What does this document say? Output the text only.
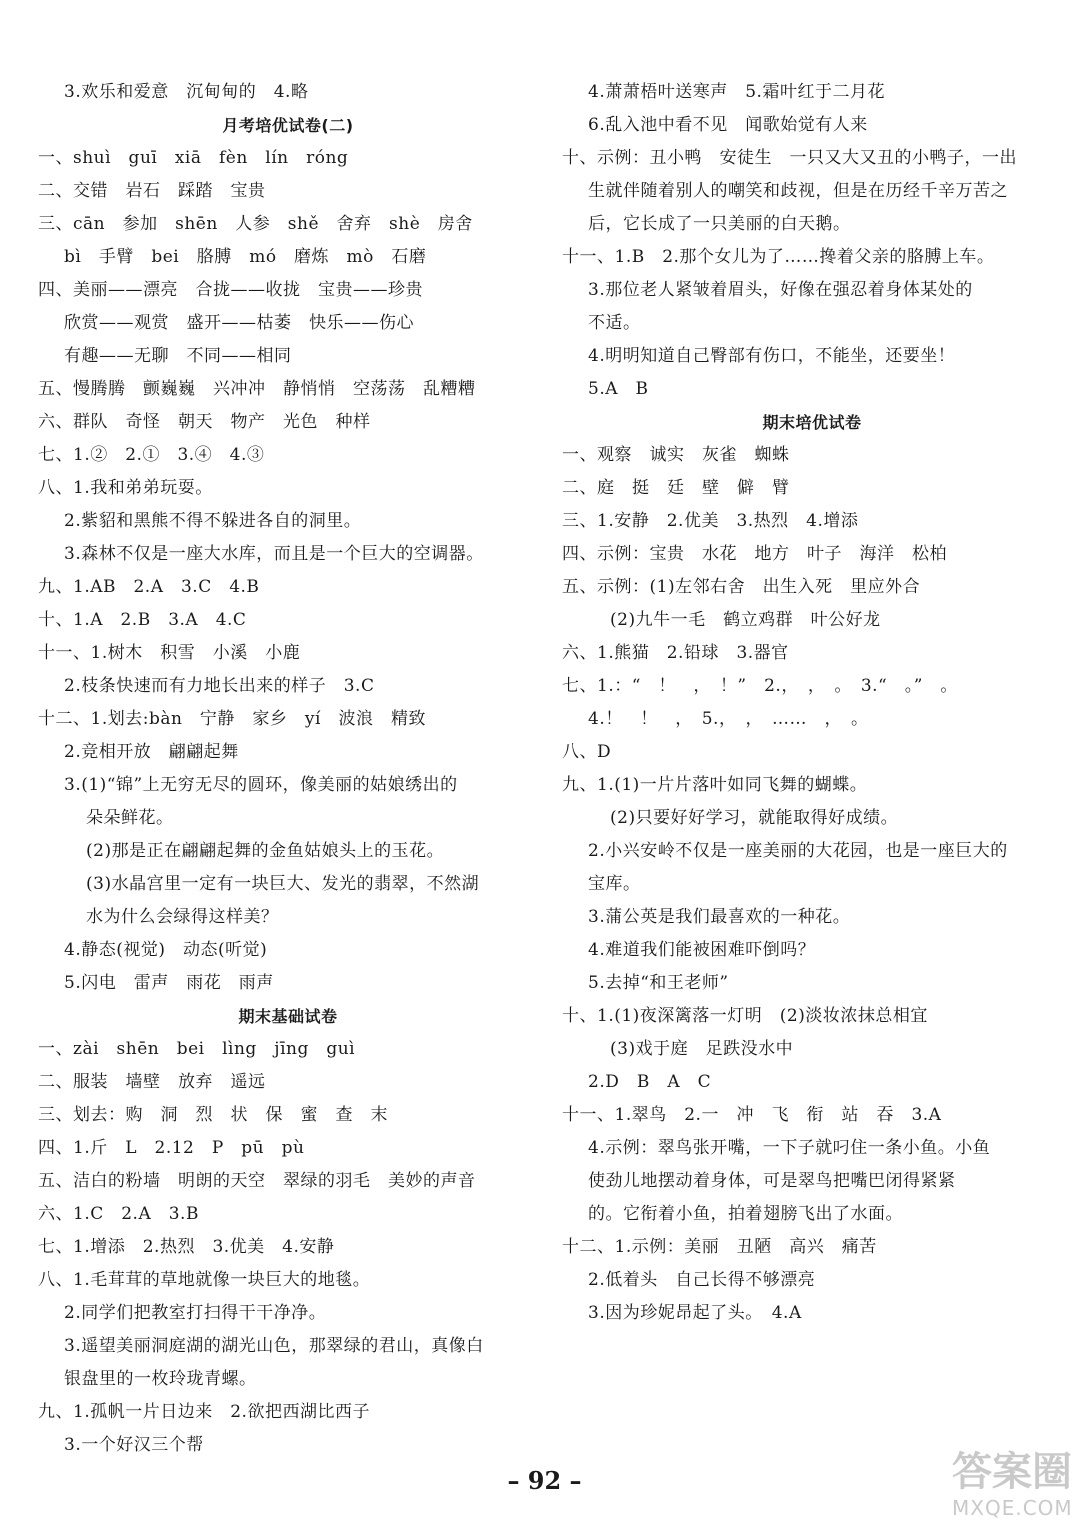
3.欢乐和爱意　沉甸甸的　4.略
月考培优试卷(二)
一、shuì　guī　xiā　fèn　lín　róng
二、交错　岩石　踩踏　宝贵
三、cān　参加　shēn　人参　shě　舍弃　shè　房舍
bì　手臂　bei　胳膊　mó　磨炼　mò　石磨
四、美丽——漂亮　合拢——收拢　宝贵——珍贵
欣赏——观赏　盛开——枯萎　快乐——伤心
有趣——无聊　不同——相同
五、慢腾腾　颤巍巍　兴冲冲　静悄悄　空荡荡　乱糟糟
六、群队　奇怪　朝天　物产　光色　种样
七、1.②　2.①　3.④　4.③
八、1.我和弟弟玩耍。
2.紫貂和黑熊不得不躲进各自的洞里。
3.森林不仅是一座大水库，而且是一个巨大的空调器。
九、1.AB　2.A　3.C　4.B
十、1.A　2.B　3.A　4.C
十一、1.树木　积雪　小溪　小鹿
2.枝条快速而有力地长出来的样子　3.C
十二、1.划去:bàn　宁静　家乡　yí　波浪　精致
2.竞相开放　翩翩起舞
3.(1)“锦”上无穷无尽的圆环，像美丽的姑娘绣出的
朵朵鲜花。
(2)那是正在翩翩起舞的金鱼姑娘头上的玉花。
(3)水晶宫里一定有一块巨大、发光的翡翠，不然湖
水为什么会绿得这样美？
4.静态(视觉)　动态(听觉)
5.闪电　雷声　雨花　雨声
期末基础试卷
一、zài　shēn　bei　lìng　jīng　guì
二、服装　墙壁　放弃　遥远
三、划去：购　洞　烈　状　保　蜜　查　末
四、1.斤　L　2.12　P　pū　pù
五、洁白的粉墙　明朗的天空　翠绿的羽毛　美妙的声音
六、1.C　2.A　3.B
七、1.增添　2.热烈　3.优美　4.安静
八、1.毛茸茸的草地就像一块巨大的地毯。
2.同学们把教室打扫得干干净净。
3.遥望美丽洞庭湖的湖光山色，那翠绿的君山，真像白
银盘里的一枚玲珑青螺。
九、1.孤帆一片日边来　2.欲把西湖比西子
3.一个好汉三个帮
4.萧萧梧叶送寒声　5.霜叶红于二月花
6.乱入池中看不见　闻歌始觉有人来
十、示例：丑小鸭　安徒生　一只又大又丑的小鸭子，一出
生就伴随着别人的嘲笑和歧视，但是在历经千辛万苦之
后，它长成了一只美丽的白天鹅。
十一、1.B　2.那个女儿为了……搀着父亲的胳膊上车。
3.那位老人紧皱着眉头，好像在强忍着身体某处的
不适。
4.明明知道自己臀部有伤口，不能坐，还要坐！
5.A　B
期末培优试卷
一、观察　诚实　灰雀　蜘蛛
二、庭　挺　廷　壁　僻　臂
三、1.安静　2.优美　3.热烈　4.增添
四、示例：宝贵　水花　地方　叶子　海洋　松柏
五、示例：(1)左邻右舍　出生入死　里应外合
(2)九牛一毛　鹤立鸡群　叶公好龙
六、1.熊猫　2.铅球　3.器官
七、1.：“　！　，　！”　2.，　，　。　3.“　。”　。
4.！　！　，　5.，　，　……　，　。
八、D
九、1.(1)一片片落叶如同飞舞的蝴蝶。
(2)只要好好学习，就能取得好成绩。
2.小兴安岭不仅是一座美丽的大花园，也是一座巨大的
宝库。
3.蒲公英是我们最喜欢的一种花。
4.难道我们能被困难吓倒吗？
5.去掉“和王老师”
十、1.(1)夜深篱落一灯明　(2)淡妆浓抹总相宜
(3)戏于庭　足跌没水中
2.D　B　A　C
十一、1.翠鸟　2.一　冲　飞　衔　站　吞　3.A
4.示例：翠鸟张开嘴，一下子就叼住一条小鱼。小鱼
使劲儿地摆动着身体，可是翠鸟把嘴巴闭得紧紧
的。它衔着小鱼，拍着翅膀飞出了水面。
十二、1.示例：美丽　丑陋　高兴　痛苦
2.低着头　自己长得不够漂亮
3.因为珍妮昂起了头。　4.A
– 92 –	答案圈
MXQE.COM
